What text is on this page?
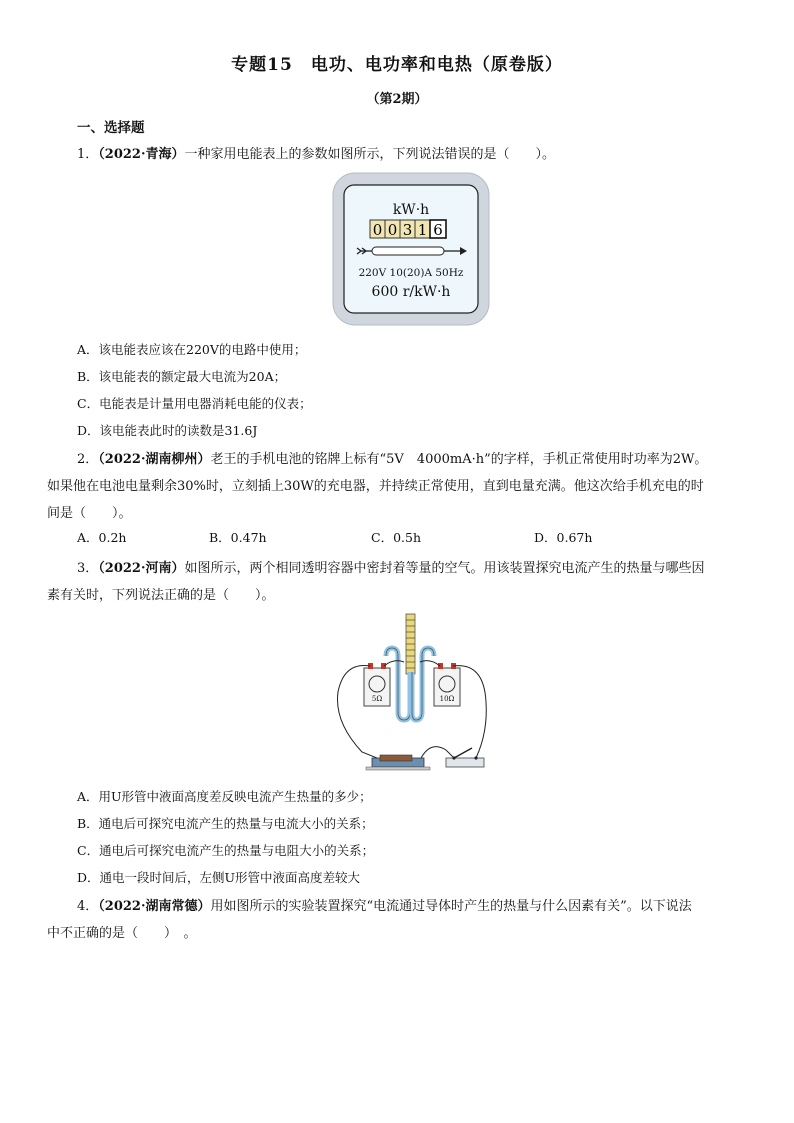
专题15　电功、电功率和电热（原卷版）
（第2期）
一、选择题
1．（2022·青海）一种家用电能表上的参数如图所示，下列说法错误的是（　　）。
kW·h
0 0 3 1 6
220V 10(20)A 50Hz
600 r/kW·h
A．该电能表应该在220V的电路中使用；
B．该电能表的额定最大电流为20A；
C．电能表是计量用电器消耗电能的仪表；
D．该电能表此时的读数是31.6J
2．（2022·湖南柳州）老王的手机电池的铭牌上标有“5V　4000mA·h”的字样，手机正常使用时功率为2W。
如果他在电池电量剩余30%时，立刻插上30W的充电器，并持续正常使用，直到电量充满。他这次给手机充电的时
间是（　　）。
A．0.2h	B．0.47h	C．0.5h	D．0.67h
3．（2022·河南）如图所示，两个相同透明容器中密封着等量的空气。用该装置探究电流产生的热量与哪些因
素有关时，下列说法正确的是（　　）。
5Ω	10Ω
A．用U形管中液面高度差反映电流产生热量的多少；
B．通电后可探究电流产生的热量与电流大小的关系；
C．通电后可探究电流产生的热量与电阻大小的关系；
D．通电一段时间后，左侧U形管中液面高度差较大
4．（2022·湖南常德）用如图所示的实验装置探究“电流通过导体时产生的热量与什么因素有关”。以下说法
中不正确的是（　　）　。
